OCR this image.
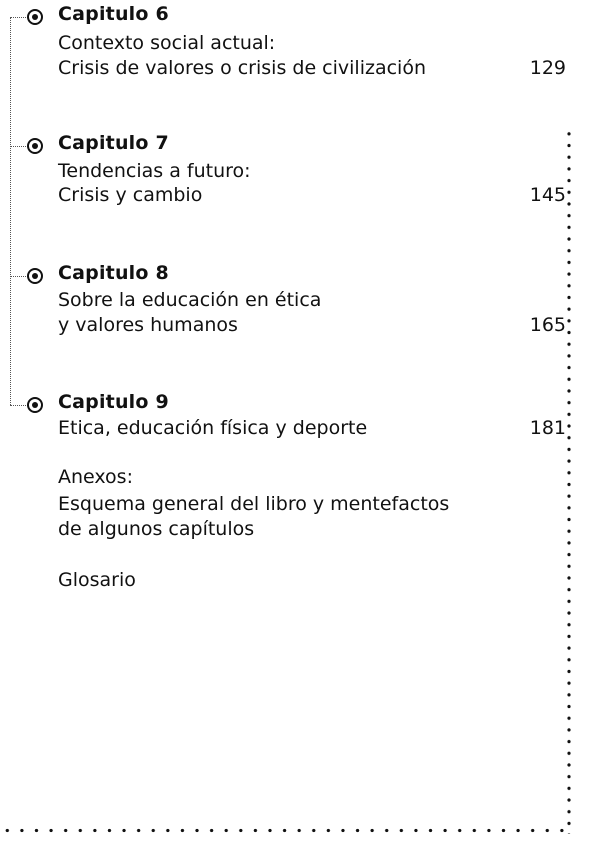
Capitulo 6
Contexto social actual:
Crisis de valores o crisis de civilización	129
Capitulo 7
Tendencias a futuro:
Crisis y cambio	145
Capitulo 8
Sobre la educación en ética
y valores humanos	165
Capitulo 9
Etica, educación física y deporte	181
Anexos:
Esquema general del libro y mentefactos
de algunos capítulos
Glosario
